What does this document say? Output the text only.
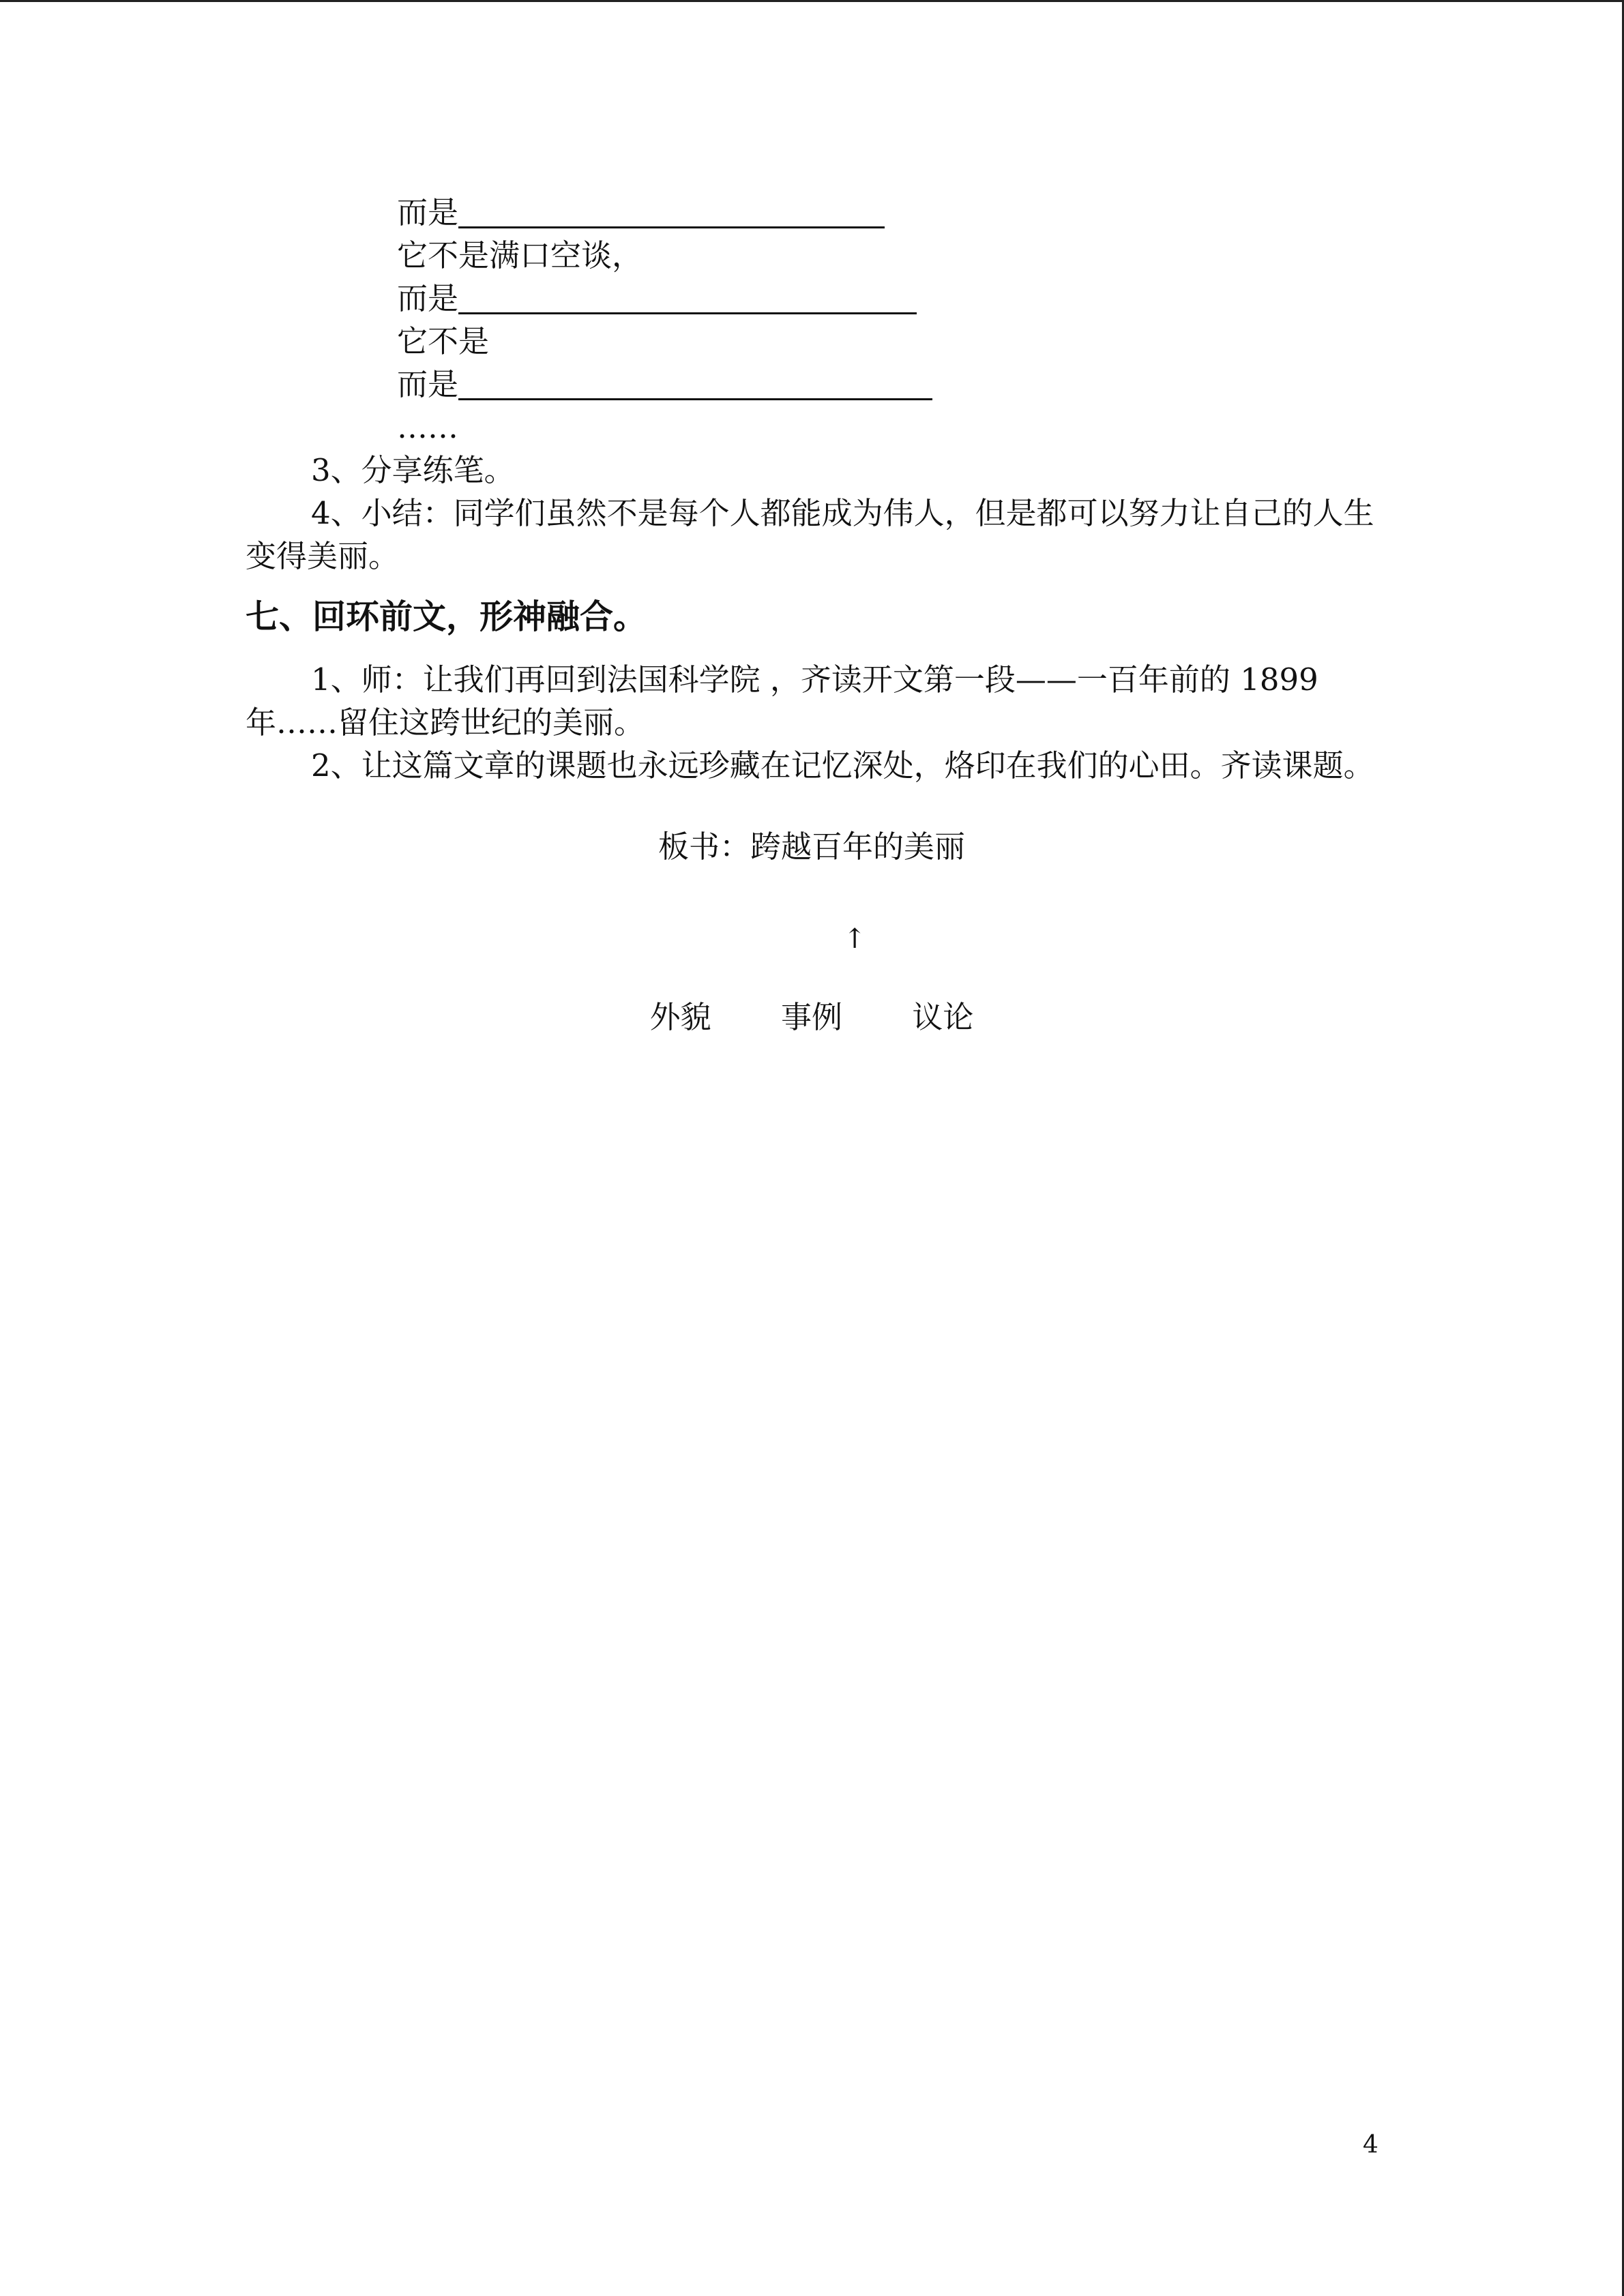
而是
它不是满口空谈，
而是
它不是
而是
……

3、分享练笔。

4、小结：同学们虽然不是每个人都能成为伟人，但是都可以努力让自己的人生变得美丽。

七、回环前文，形神融合。

1、师：让我们再回到法国科学院 ，齐读开文第一段——一百年前的 1899 年……留住这跨世纪的美丽。

2、让这篇文章的课题也永远珍藏在记忆深处，烙印在我们的心田。齐读课题。

板书：跨越百年的美丽
↑
外貌 事例 议论
4
